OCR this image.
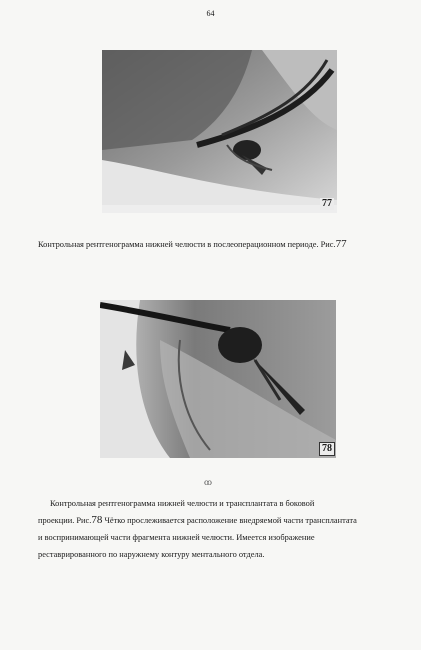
64
77
Контрольная рентгенограмма нижней челюсти в послеоперационном периоде. Рис.77
78
ꝏ
Контрольная рентгенограмма нижней челюсти и трансплантата в боковой
проекции. Рис.78 Чётко прослеживается расположение внедряемой части трансплантата
и воспринимающей части фрагмента нижней челюсти. Имеется изображение
реставрированного по наружнему контуру ментального отдела.
